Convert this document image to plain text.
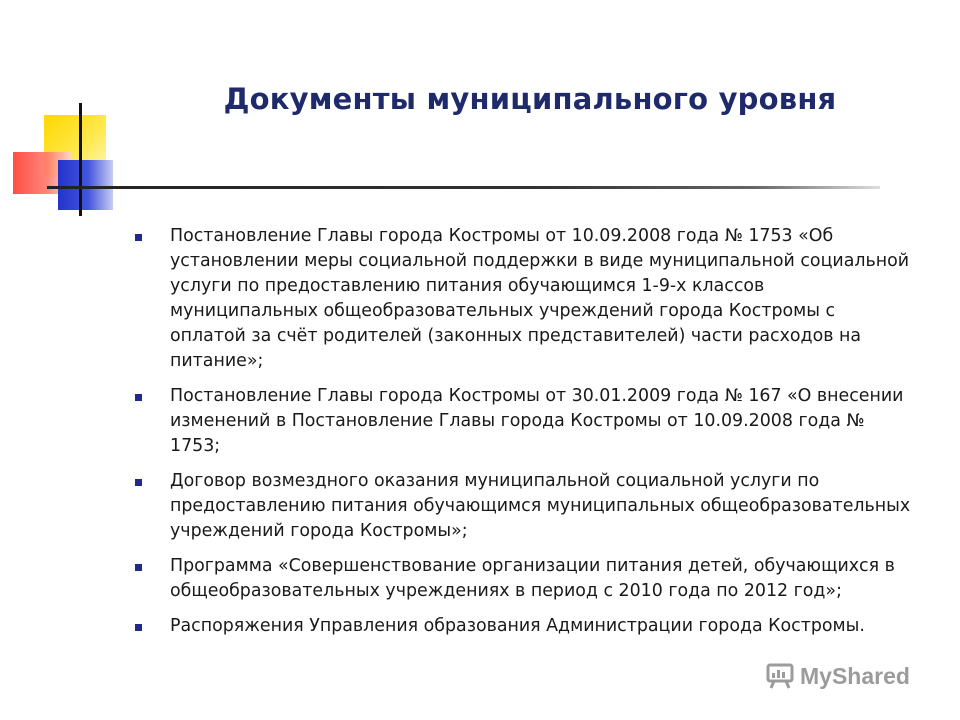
Документы муниципального уровня
Постановление Главы города Костромы от 10.09.2008 года № 1753 «Об установлении меры социальной поддержки в виде муниципальной социальной услуги по предоставлению питания обучающимся 1-9-х классов муниципальных общеобразовательных учреждений города Костромы с оплатой за счёт родителей (законных представителей) части расходов на питание»;
Постановление Главы города Костромы от 30.01.2009 года № 167 «О внесении изменений в Постановление Главы города Костромы от 10.09.2008 года № 1753;
Договор возмездного оказания муниципальной социальной услуги по предоставлению питания обучающимся муниципальных общеобразовательных учреждений города Костромы»;
Программа «Совершенствование организации питания детей, обучающихся в общеобразовательных учреждениях в период с 2010 года по 2012 год»;
Распоряжения Управления образования Администрации города Костромы.
MyShared
